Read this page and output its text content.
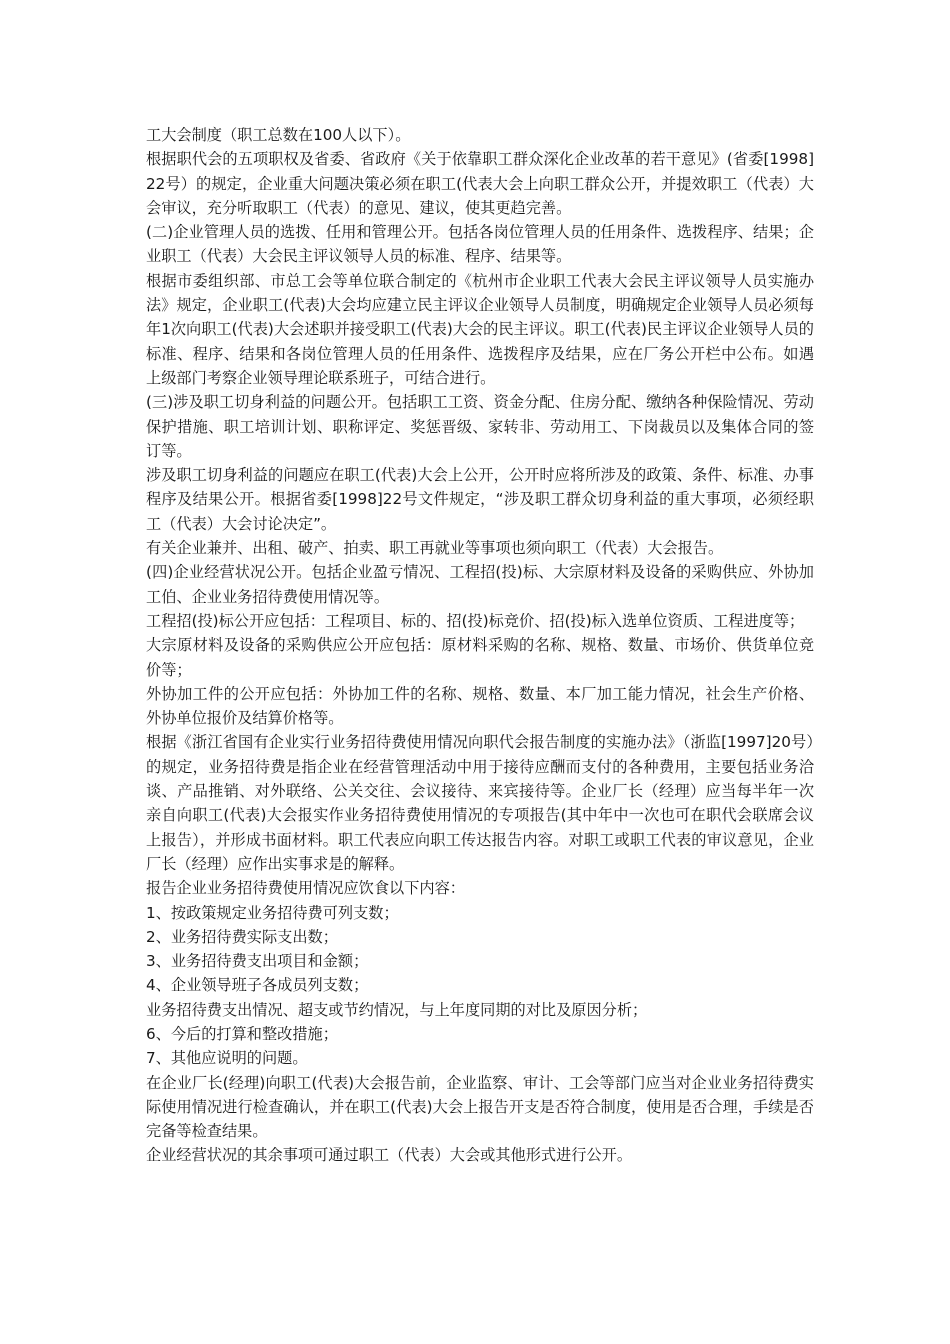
工大会制度（职工总数在100人以下）。

根据职代会的五项职权及省委、省政府《关于依靠职工群众深化企业改革的若干意见》(省委[1998]22号）的规定，企业重大问题决策必须在职工(代表大会上向职工群众公开，并提效职工（代表）大会审议，充分听取职工（代表）的意见、建议，使其更趋完善。

(二)企业管理人员的选拨、任用和管理公开。包括各岗位管理人员的任用条件、选拨程序、结果；企业职工（代表）大会民主评议领导人员的标准、程序、结果等。

根据市委组织部、市总工会等单位联合制定的《杭州市企业职工代表大会民主评议领导人员实施办法》规定，企业职工(代表)大会均应建立民主评议企业领导人员制度，明确规定企业领导人员必须每年1次向职工(代表)大会述职并接受职工(代表)大会的民主评议。职工(代表)民主评议企业领导人员的标准、程序、结果和各岗位管理人员的任用条件、选拨程序及结果，应在厂务公开栏中公布。如遇上级部门考察企业领导理论联系班子，可结合进行。

(三)涉及职工切身利益的问题公开。包括职工工资、资金分配、住房分配、缴纳各种保险情况、劳动保护措施、职工培训计划、职称评定、奖惩晋级、家转非、劳动用工、下岗裁员以及集体合同的签订等。

涉及职工切身利益的问题应在职工(代表)大会上公开，公开时应将所涉及的政策、条件、标准、办事程序及结果公开。根据省委[1998]22号文件规定，“涉及职工群众切身利益的重大事项，必须经职工（代表）大会讨论决定”。

有关企业兼并、出租、破产、拍卖、职工再就业等事项也须向职工（代表）大会报告。

(四)企业经营状况公开。包括企业盈亏情况、工程招(投)标、大宗原材料及设备的采购供应、外协加工伯、企业业务招待费使用情况等。

工程招(投)标公开应包括：工程项目、标的、招(投)标竞价、招(投)标入选单位资质、工程进度等；

大宗原材料及设备的采购供应公开应包括：原材料采购的名称、规格、数量、市场价、供货单位竞价等；

外协加工件的公开应包括：外协加工件的名称、规格、数量、本厂加工能力情况，社会生产价格、外协单位报价及结算价格等。

根据《浙江省国有企业实行业务招待费使用情况向职代会报告制度的实施办法》（浙监[1997]20号）的规定，业务招待费是指企业在经营管理活动中用于接待应酬而支付的各种费用，主要包括业务洽谈、产品推销、对外联络、公关交往、会议接待、来宾接待等。企业厂长（经理）应当每半年一次亲自向职工(代表)大会报实作业务招待费使用情况的专项报告(其中年中一次也可在职代会联席会议上报告），并形成书面材料。职工代表应向职工传达报告内容。对职工或职工代表的审议意见，企业厂长（经理）应作出实事求是的解释。

报告企业业务招待费使用情况应饮食以下内容：

1、按政策规定业务招待费可列支数；

2、业务招待费实际支出数；

3、业务招待费支出项目和金额；

4、企业领导班子各成员列支数；

业务招待费支出情况、超支或节约情况，与上年度同期的对比及原因分析；

6、今后的打算和整改措施；

7、其他应说明的问题。

在企业厂长(经理)向职工(代表)大会报告前，企业监察、审计、工会等部门应当对企业业务招待费实际使用情况进行检查确认，并在职工(代表)大会上报告开支是否符合制度，使用是否合理，手续是否完备等检查结果。

企业经营状况的其余事项可通过职工（代表）大会或其他形式进行公开。
